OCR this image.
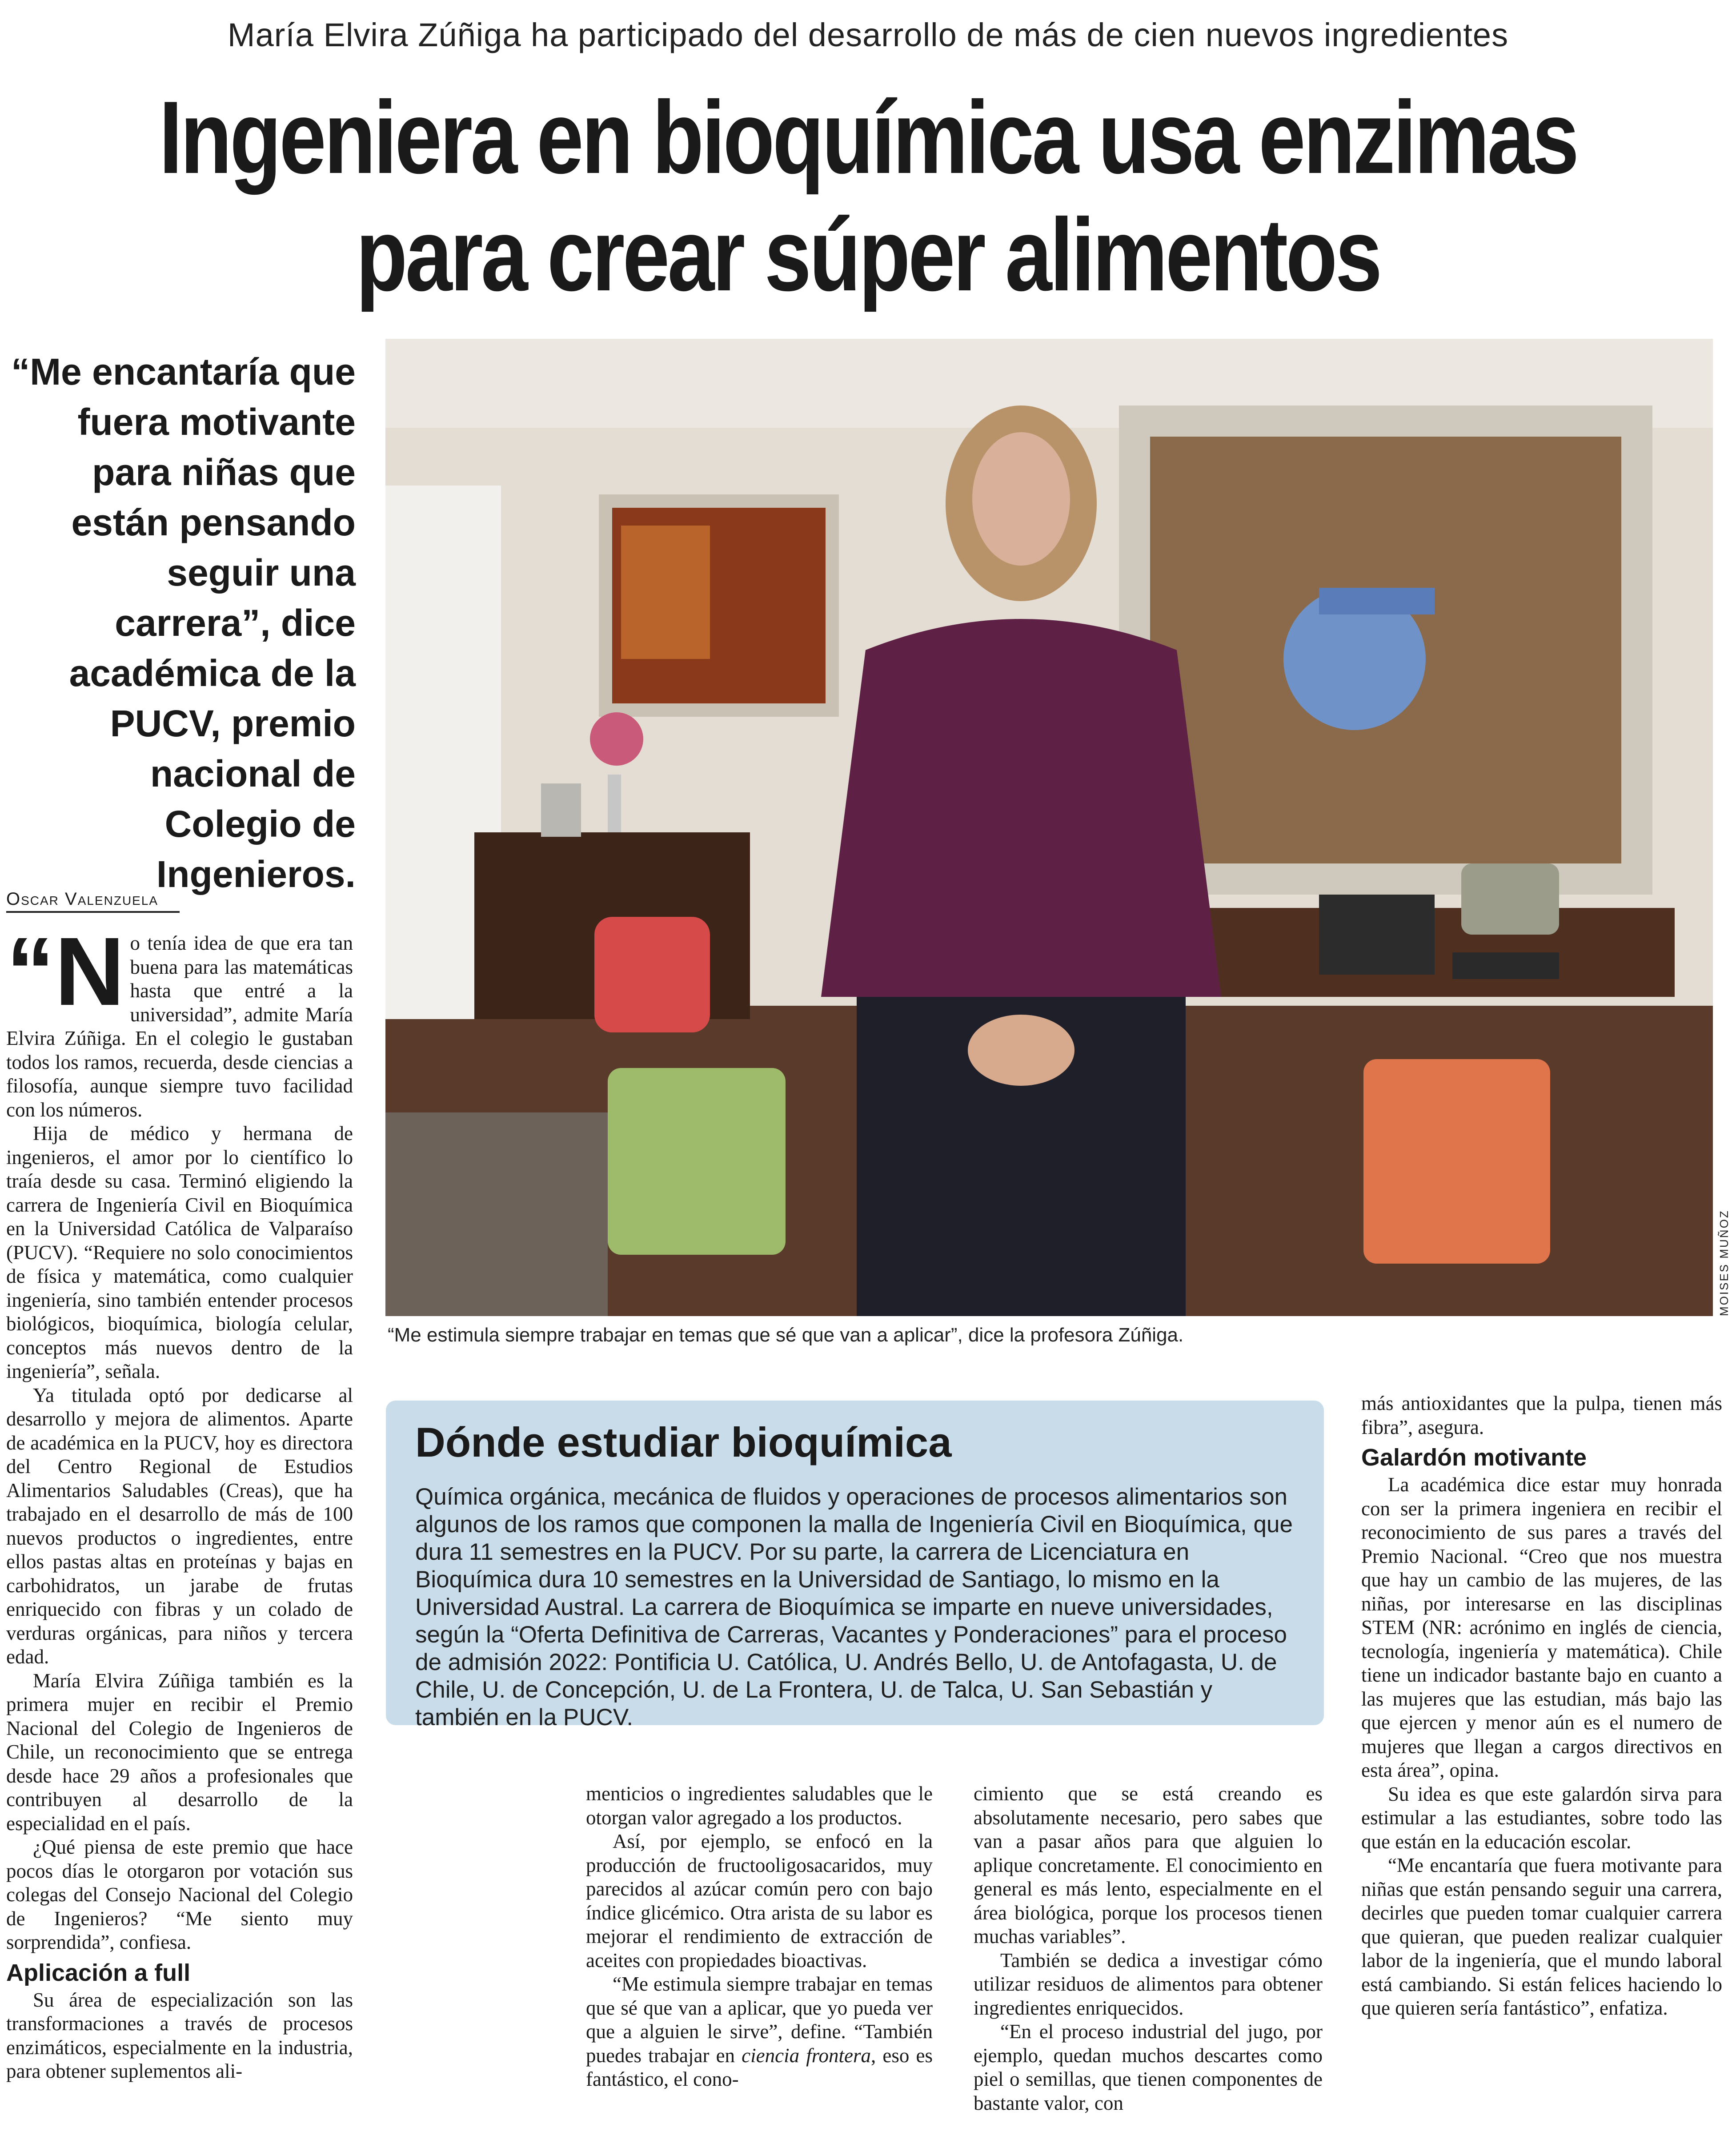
María Elvira Zúñiga ha participado del desarrollo de más de cien nuevos ingredientes
Ingeniera en bioquímica usa enzimas
para crear súper alimentos
“Me encantaría que fuera motivante para niñas que están pensando seguir una carrera”, dice académica de la PUCV, premio nacional de Colegio de Ingenieros.
Oscar Valenzuela

“N o tenía idea de que era tan buena para las matemáticas hasta que entré a la universidad”, admite María Elvira Zúñiga. En el colegio le gustaban todos los ramos, recuerda, desde ciencias a filosofía, aunque siempre tuvo facilidad con los números.

Hija de médico y hermana de ingenieros, el amor por lo científico lo traía desde su casa. Terminó eligiendo la carrera de Ingeniería Civil en Bioquímica en la Universidad Católica de Valparaíso (PUCV). “Requiere no solo conocimientos de física y matemática, como cualquier ingeniería, sino también entender procesos biológicos, bioquímica, biología celular, conceptos más nuevos dentro de la ingeniería”, señala.

Ya titulada optó por dedicarse al desarrollo y mejora de alimentos. Aparte de académica en la PUCV, hoy es directora del Centro Regional de Estudios Alimentarios Saludables (Creas), que ha trabajado en el desarrollo de más de 100 nuevos productos o ingredientes, entre ellos pastas altas en proteínas y bajas en carbohidratos, un jarabe de frutas enriquecido con fibras y un colado de verduras orgánicas, para niños y tercera edad.

María Elvira Zúñiga también es la primera mujer en recibir el Premio Nacional del Colegio de Ingenieros de Chile, un reconocimiento que se entrega desde hace 29 años a profesionales que contribuyen al desarrollo de la especialidad en el país.

¿Qué piensa de este premio que hace pocos días le otorgaron por votación sus colegas del Consejo Nacional del Colegio de Ingenieros? “Me siento muy sorprendida”, confiesa.

Aplicación a full

Su área de especialización son las transformaciones a través de procesos enzimáticos, especialmente en la industria, para obtener suplementos ali-

MOISES MUÑOZ
“Me estimula siempre trabajar en temas que sé que van a aplicar”, dice la profesora Zúñiga.
Dónde estudiar bioquímica
Química orgánica, mecánica de fluidos y operaciones de procesos alimentarios son algunos de los ramos que componen la malla de Ingeniería Civil en Bioquímica, que dura 11 semestres en la PUCV. Por su parte, la carrera de Licenciatura en Bioquímica dura 10 semestres en la Universidad de Santiago, lo mismo en la Universidad Austral. La carrera de Bioquímica se imparte en nueve universidades, según la “Oferta Definitiva de Carreras, Vacantes y Ponderaciones” para el proceso de admisión 2022: Pontificia U. Católica, U. Andrés Bello, U. de Antofagasta, U. de Chile, U. de Concepción, U. de La Frontera, U. de Talca, U. San Sebastián y también en la PUCV.

menticios o ingredientes saludables que le otorgan valor agregado a los productos.

Así, por ejemplo, se enfocó en la producción de fructooligosacaridos, muy parecidos al azúcar común pero con bajo índice glicémico. Otra arista de su labor es mejorar el rendimiento de extracción de aceites con propiedades bioactivas.

“Me estimula siempre trabajar en temas que sé que van a aplicar, que yo pueda ver que a alguien le sirve”, define. “También puedes trabajar en ciencia frontera, eso es fantástico, el cono-

cimiento que se está creando es absolutamente necesario, pero sabes que van a pasar años para que alguien lo aplique concretamente. El conocimiento en general es más lento, especialmente en el área biológica, porque los procesos tienen muchas variables”.

También se dedica a investigar cómo utilizar residuos de alimentos para obtener ingredientes enriquecidos.

“En el proceso industrial del jugo, por ejemplo, quedan muchos descartes como piel o semillas, que tienen componentes de bastante valor, con

más antioxidantes que la pulpa, tienen más fibra”, asegura.

Galardón motivante

La académica dice estar muy honrada con ser la primera ingeniera en recibir el reconocimiento de sus pares a través del Premio Nacional. “Creo que nos muestra que hay un cambio de las mujeres, de las niñas, por interesarse en las disciplinas STEM (NR: acrónimo en inglés de ciencia, tecnología, ingeniería y matemática). Chile tiene un indicador bastante bajo en cuanto a las mujeres que las estudian, más bajo las que ejercen y menor aún es el numero de mujeres que llegan a cargos directivos en esta área”, opina.

Su idea es que este galardón sirva para estimular a las estudiantes, sobre todo las que están en la educación escolar.

“Me encantaría que fuera motivante para niñas que están pensando seguir una carrera, decirles que pueden tomar cualquier carrera que quieran, que pueden realizar cualquier labor de la ingeniería, que el mundo laboral está cambiando. Si están felices haciendo lo que quieren sería fantástico”, enfatiza.
